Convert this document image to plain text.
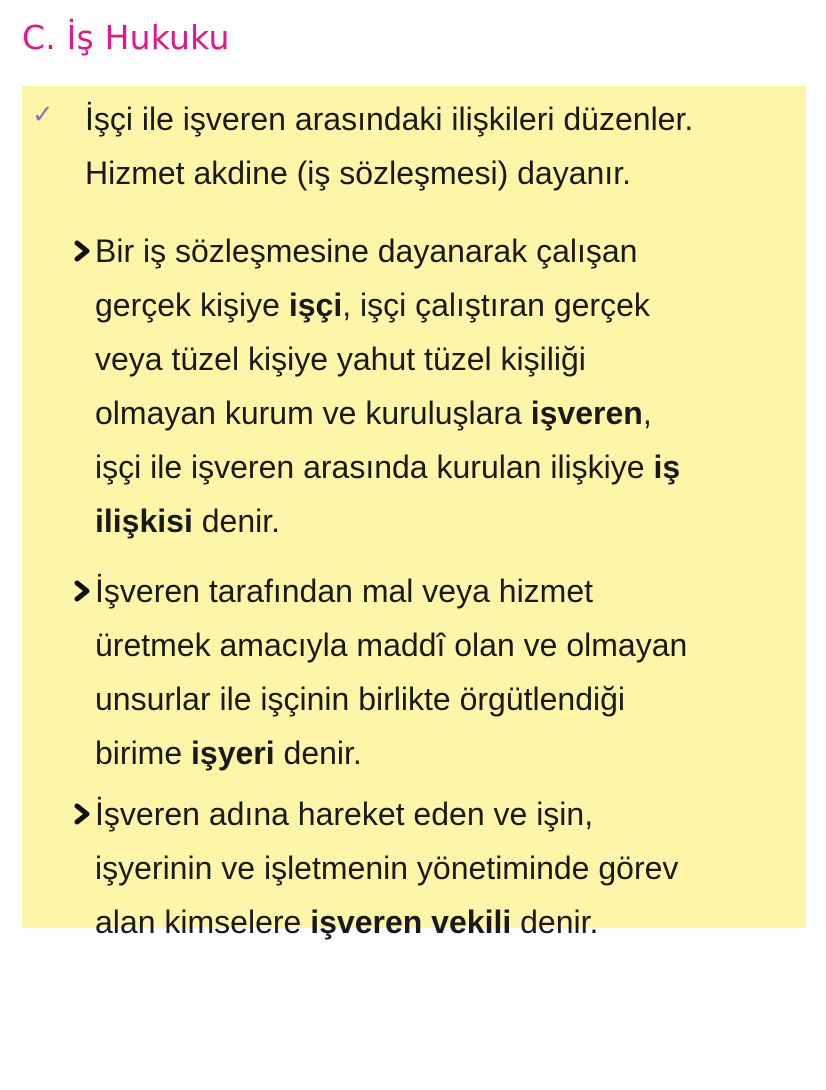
C. İş Hukuku
✓ İşçi ile işveren arasındaki ilişkileri düzenler.
Hizmet akdine (iş sözleşmesi) dayanır.

Bir iş sözleşmesine dayanarak çalışan
gerçek kişiye işçi, işçi çalıştıran gerçek
veya tüzel kişiye yahut tüzel kişiliği
olmayan kurum ve kuruluşlara işveren,
işçi ile işveren arasında kurulan ilişkiye iş
ilişkisi denir.
İşveren tarafından mal veya hizmet
üretmek amacıyla maddî olan ve olmayan
unsurlar ile işçinin birlikte örgütlendiği
birime işyeri denir.
İşveren adına hareket eden ve işin,
işyerinin ve işletmenin yönetiminde görev
alan kimselere işveren vekili denir.
